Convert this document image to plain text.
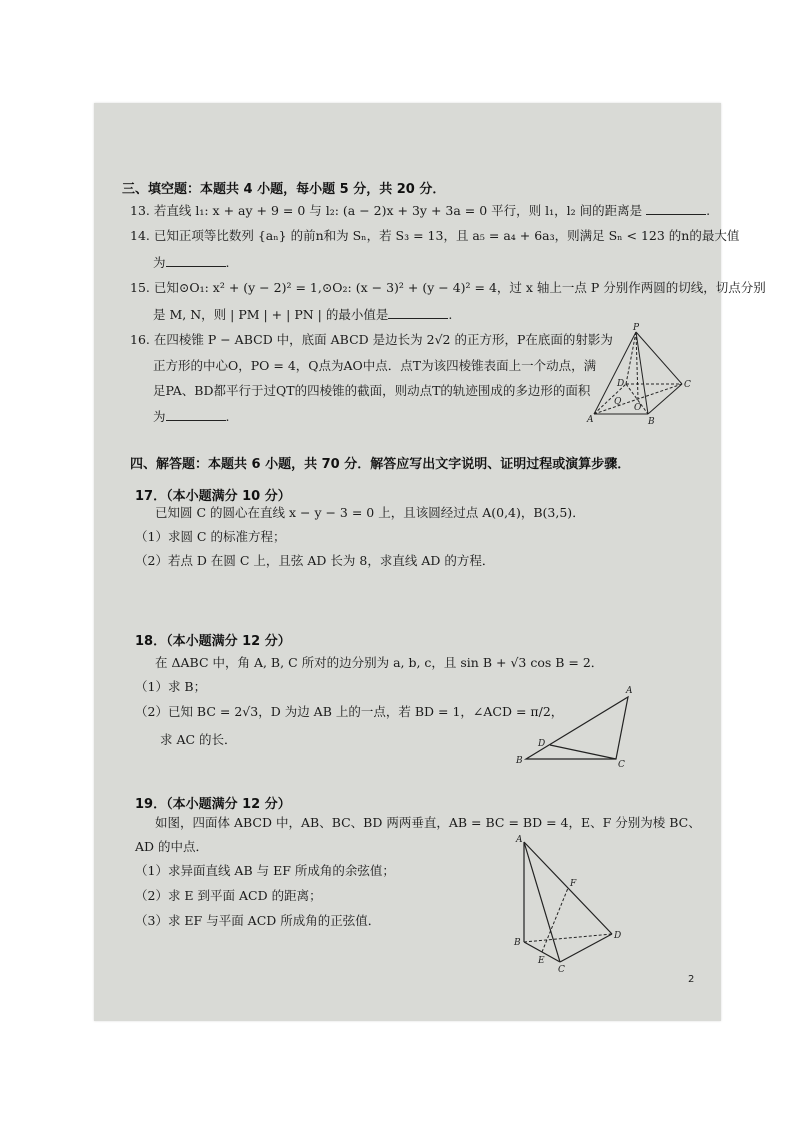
三、填空题：本题共 4 小题，每小题 5 分，共 20 分．
13. 若直线 l₁: x + ay + 9 = 0 与 l₂: (a − 2)x + 3y + 3a = 0 平行，则 l₁，l₂ 间的距离是	.
14. 已知正项等比数列 {aₙ} 的前n和为 Sₙ，若 S₃ = 13，且 a₅ = a₄ + 6a₃，则满足 Sₙ < 123 的n的最大值
为	.
15. 已知⊙O₁: x² + (y − 2)² = 1,⊙O₂: (x − 3)² + (y − 4)² = 4，过 x 轴上一点 P 分别作两圆的切线，切点分别
是 M, N，则 | PM | + | PN | 的最小值是	.
16. 在四棱锥 P − ABCD 中，底面 ABCD 是边长为 2√2 的正方形，P在底面的射影为
正方形的中心O，PO = 4，Q点为AO中点．点T为该四棱锥表面上一个动点，满
足PA、BD都平行于过QT的四棱锥的截面，则动点T的轨迹围成的多边形的面积
为	.
P
D	C
Q
O
A	B
四、解答题：本题共 6 小题，共 70 分．解答应写出文字说明、证明过程或演算步骤．
17．（本小题满分 10 分）
已知圆 C 的圆心在直线 x − y − 3 = 0 上，且该圆经过点 A(0,4)，B(3,5)．
（1）求圆 C 的标准方程；
（2）若点 D 在圆 C 上，且弦 AD 长为 8，求直线 AD 的方程．
18．（本小题满分 12 分）
在 ΔABC 中，角 A, B, C 所对的边分别为 a, b, c，且 sin B + √3 cos B = 2．
（1）求 B；
（2）已知 BC = 2√3，D 为边 AB 上的一点，若 BD = 1，∠ACD = π/2，
求 AC 的长．
A
D
B	C
19．（本小题满分 12 分）
如图，四面体 ABCD 中，AB、BC、BD 两两垂直，AB = BC = BD = 4，E、F 分别为棱 BC、
AD 的中点．
（1）求异面直线 AB 与 EF 所成角的余弦值；
（2）求 E 到平面 ACD 的距离；
（3）求 EF 与平面 ACD 所成角的正弦值．
A
F
B
D
E
C
2
